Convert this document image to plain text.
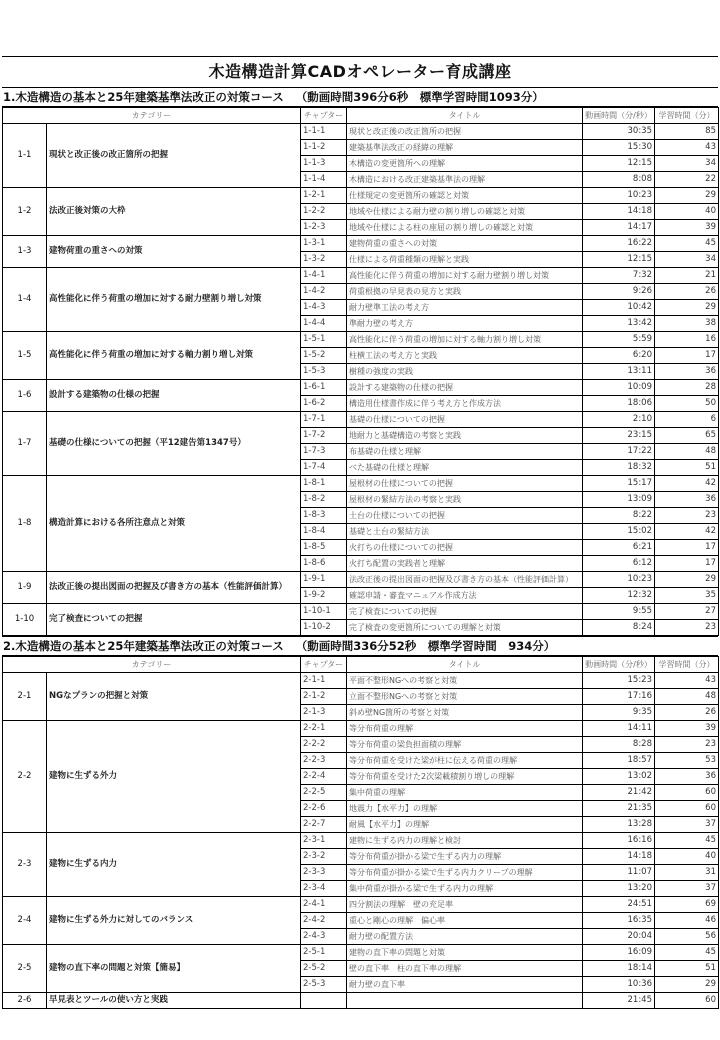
木造構造計算CADオペレーター育成講座
1.木造構造の基本と25年建築基準法改正の対策コース （動画時間396分6秒　標準学習時間1093分）
カテゴリー		チャプター	タイトル	動画時間（分/秒）	学習時間（分）
1-1	現状と改正後の改正箇所の把握	1-1-1	現状と改正後の改正箇所の把握	30:35	85
		1-1-2	建築基準法改正の経緯の理解	15:30	43
		1-1-3	木構造の変更箇所への理解	12:15	34
		1-1-4	木構造における改正建築基準法の理解	8:08	22
1-2	法改正後対策の大枠	1-2-1	仕様規定の変更箇所の確認と対策	10:23	29
		1-2-2	地域や仕様による耐力壁の割り増しの確認と対策	14:18	40
		1-2-3	地域や仕様による柱の座屈の割り増しの確認と対策	14:17	39
1-3	建物荷重の重さへの対策	1-3-1	建物荷重の重さへの対策	16:22	45
		1-3-2	仕様による荷重種類の理解と実践	12:15	34
1-4	高性能化に伴う荷重の増加に対する耐力壁割り増し対策	1-4-1	高性能化に伴う荷重の増加に対する耐力壁割り増し対策	7:32	21
		1-4-2	荷重根拠の早見表の見方と実践	9:26	26
		1-4-3	耐力壁準工法の考え方	10:42	29
		1-4-4	準耐力壁の考え方	13:42	38
1-5	高性能化に伴う荷重の増加に対する軸力割り増し対策	1-5-1	高性能化に伴う荷重の増加に対する軸力割り増し対策	5:59	16
		1-5-2	柱横工法の考え方と実践	6:20	17
		1-5-3	樹種の強度の実践	13:11	36
1-6	設計する建築物の仕様の把握	1-6-1	設計する建築物の仕様の把握	10:09	28
		1-6-2	構造用仕様書作成に伴う考え方と作成方法	18:06	50
1-7	基礎の仕様についての把握（平12建告第1347号）	1-7-1	基礎の仕様についての把握	2:10	6
		1-7-2	地耐力と基礎構造の考察と実践	23:15	65
		1-7-3	布基礎の仕様と理解	17:22	48
		1-7-4	べた基礎の仕様と理解	18:32	51
1-8	構造計算における各所注意点と対策	1-8-1	屋根材の仕様についての把握	15:17	42
		1-8-2	屋根材の緊結方法の考察と実践	13:09	36
		1-8-3	土台の仕様についての把握	8:22	23
		1-8-4	基礎と土台の緊結方法	15:02	42
		1-8-5	火打ちの仕様についての把握	6:21	17
		1-8-6	火打ち配置の実践者と理解	6:12	17
1-9	法改正後の提出図面の把握及び書き方の基本（性能評価計算）	1-9-1	法改正後の提出図面の把握及び書き方の基本（性能評価計算）	10:23	29
		1-9-2	確認申請・審査マニュアル作成方法	12:32	35
1-10	完了検査についての把握	1-10-1	完了検査についての把握	9:55	27
		1-10-2	完了検査の変更箇所についての理解と対策	8:24	23
2.木造構造の基本と25年建築基準法改正の対策コース （動画時間336分52秒　標準学習時間　934分）
カテゴリー		チャプター	タイトル	動画時間（分/秒）	学習時間（分）
2-1	NGなプランの把握と対策	2-1-1	平面不整形NGへの考察と対策	15:23	43
		2-1-2	立面不整形NGへの考察と対策	17:16	48
		2-1-3	斜め壁NG箇所の考察と対策	9:35	26
2-2	建物に生ずる外力	2-2-1	等分布荷重の理解	14:11	39
		2-2-2	等分布荷重の梁負担面積の理解	8:28	23
		2-2-3	等分布荷重を受けた梁が柱に伝える荷重の理解	18:57	53
		2-2-4	等分布荷重を受けた2次梁載積割り増しの理解	13:02	36
		2-2-5	集中荷重の理解	21:42	60
		2-2-6	地震力【水平力】の理解	21:35	60
		2-2-7	耐風【水平力】の理解	13:28	37
2-3	建物に生ずる内力	2-3-1	建物に生ずる内力の理解と検討	16:16	45
		2-3-2	等分布荷重が掛かる梁で生ずる内力の理解	14:18	40
		2-3-3	等分布荷重が掛かる梁で生ずる内力クリープの理解	11:07	31
		2-3-4	集中荷重が掛かる梁で生ずる内力の理解	13:20	37
2-4	建物に生ずる外力に対してのバランス	2-4-1	四分割法の理解　壁の充足率	24:51	69
		2-4-2	重心と剛心の理解　偏心率	16:35	46
		2-4-3	耐力壁の配置方法	20:04	56
2-5	建物の直下率の問題と対策【簡易】	2-5-1	建物の直下率の問題と対策	16:09	45
		2-5-2	壁の直下率　柱の直下率の理解	18:14	51
		2-5-3	耐力壁の直下率	10:36	29
2-6	早見表とツールの使い方と実践			21:45	60
